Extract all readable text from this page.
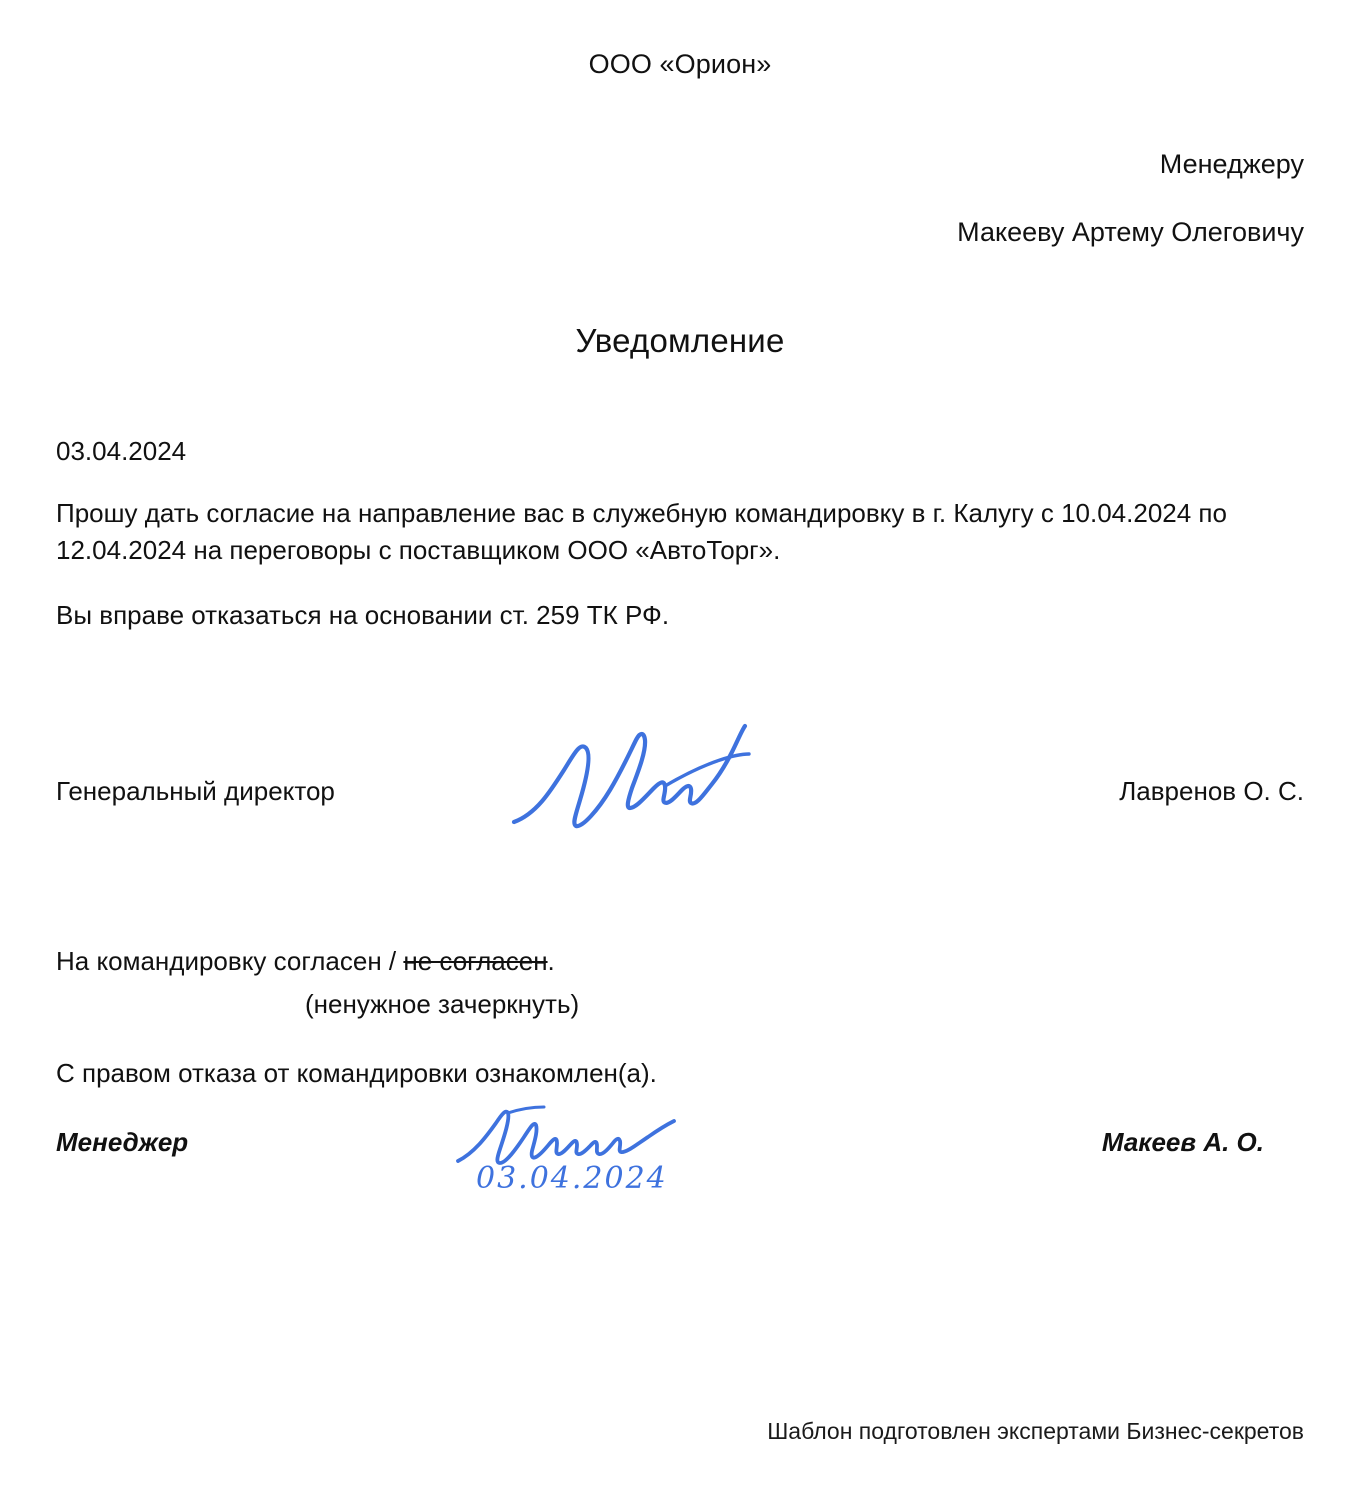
ООО «Орион»
Менеджеру
Макееву Артему Олеговичу
Уведомление
03.04.2024

Прошу дать согласие на направление вас в служебную командировку в г. Калугу с 10.04.2024 по 12.04.2024 на переговоры с поставщиком ООО «АвтоТорг».

Вы вправе отказаться на основании ст. 259 ТК РФ.

Генеральный директор	Лавренов О. С.
На командировку согласен / не согласен.
(ненужное зачеркнуть)
С правом отказа от командировки ознакомлен(а).
Менеджер
03.04.2024
Макеев А. О.
Шаблон подготовлен экспертами Бизнес-секретов
